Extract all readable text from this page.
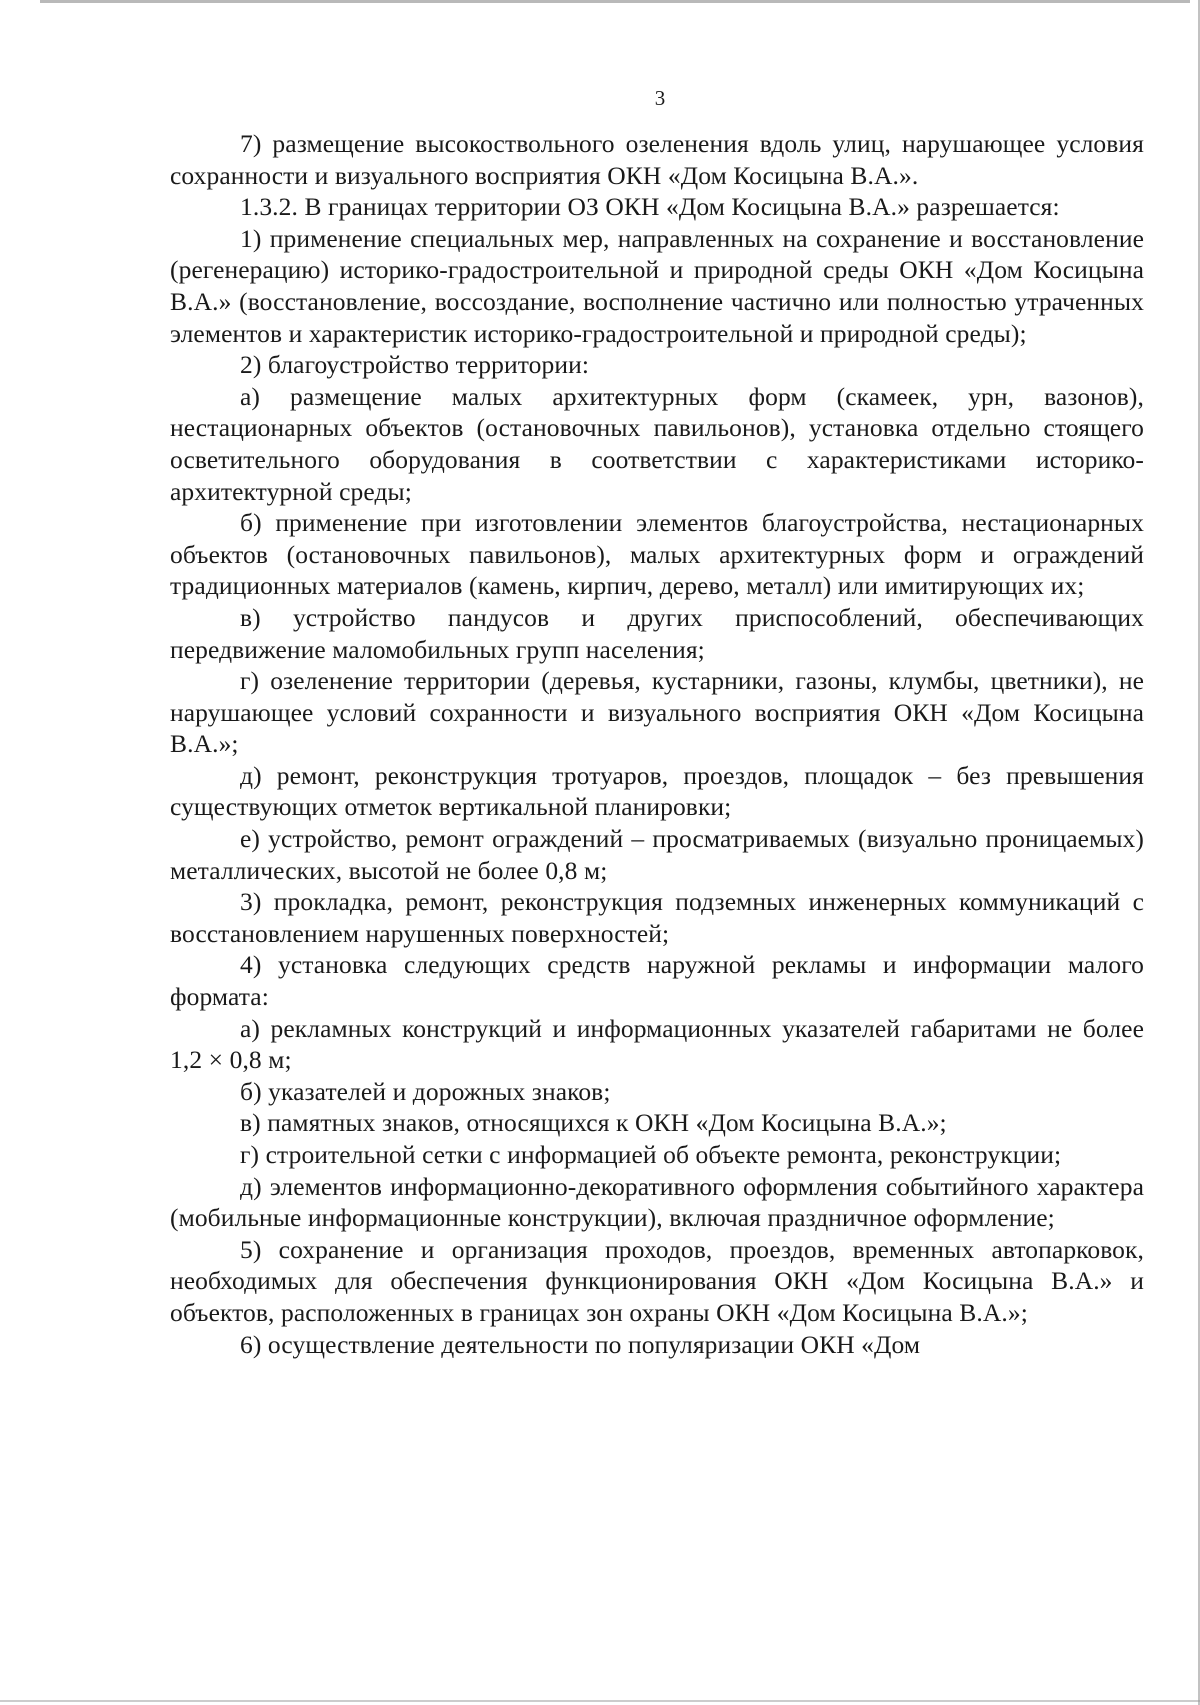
3

7) размещение высокоствольного озеленения вдоль улиц, нарушающее условия сохранности и визуального восприятия ОКН «Дом Косицына В.А.».

1.3.2. В границах территории ОЗ ОКН «Дом Косицына В.А.» разрешается:

1) применение специальных мер, направленных на сохранение и восстановление (регенерацию) историко-градостроительной и природной среды ОКН «Дом Косицына В.А.» (восстановление, воссоздание, восполнение частично или полностью утраченных элементов и характеристик историко-градостроительной и природной среды);

2) благоустройство территории:

а) размещение малых архитектурных форм (скамеек, урн, вазонов), нестационарных объектов (остановочных павильонов), установка отдельно стоящего осветительного оборудования в соответствии с характеристиками историко-архитектурной среды;

б) применение при изготовлении элементов благоустройства, нестационарных объектов (остановочных павильонов), малых архитектурных форм и ограждений традиционных материалов (камень, кирпич, дерево, металл) или имитирующих их;

в) устройство пандусов и других приспособлений, обеспечивающих передвижение маломобильных групп населения;

г) озеленение территории (деревья, кустарники, газоны, клумбы, цветники), не нарушающее условий сохранности и визуального восприятия ОКН «Дом Косицына В.А.»;

д) ремонт, реконструкция тротуаров, проездов, площадок – без превышения существующих отметок вертикальной планировки;

е) устройство, ремонт ограждений – просматриваемых (визуально проницаемых) металлических, высотой не более 0,8 м;

3) прокладка, ремонт, реконструкция подземных инженерных коммуникаций с восстановлением нарушенных поверхностей;

4) установка следующих средств наружной рекламы и информации малого формата:

а) рекламных конструкций и информационных указателей габаритами не более 1,2 × 0,8 м;

б) указателей и дорожных знаков;

в) памятных знаков, относящихся к ОКН «Дом Косицына В.А.»;

г) строительной сетки с информацией об объекте ремонта, реконструкции;

д) элементов информационно-декоративного оформления событийного характера (мобильные информационные конструкции), включая праздничное оформление;

5) сохранение и организация проходов, проездов, временных автопарковок, необходимых для обеспечения функционирования ОКН «Дом Косицына В.А.» и объектов, расположенных в границах зон охраны ОКН «Дом Косицына В.А.»;

6) осуществление деятельности по популяризации ОКН «Дом
